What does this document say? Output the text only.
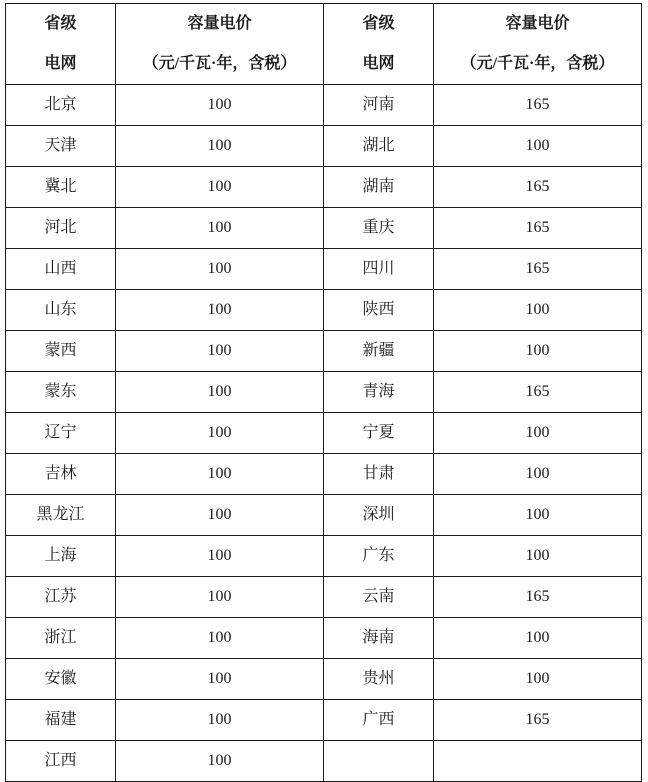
省级	容量电价	省级	容量电价
电网	（元/千瓦·年，含税）	电网	（元/千瓦·年，含税）
北京	100	河南	165
天津	100	湖北	100
冀北	100	湖南	165
河北	100	重庆	165
山西	100	四川	165
山东	100	陕西	100
蒙西	100	新疆	100
蒙东	100	青海	165
辽宁	100	宁夏	100
吉林	100	甘肃	100
黑龙江	100	深圳	100
上海	100	广东	100
江苏	100	云南	165
浙江	100	海南	100
安徽	100	贵州	100
福建	100	广西	165
江西	100		
